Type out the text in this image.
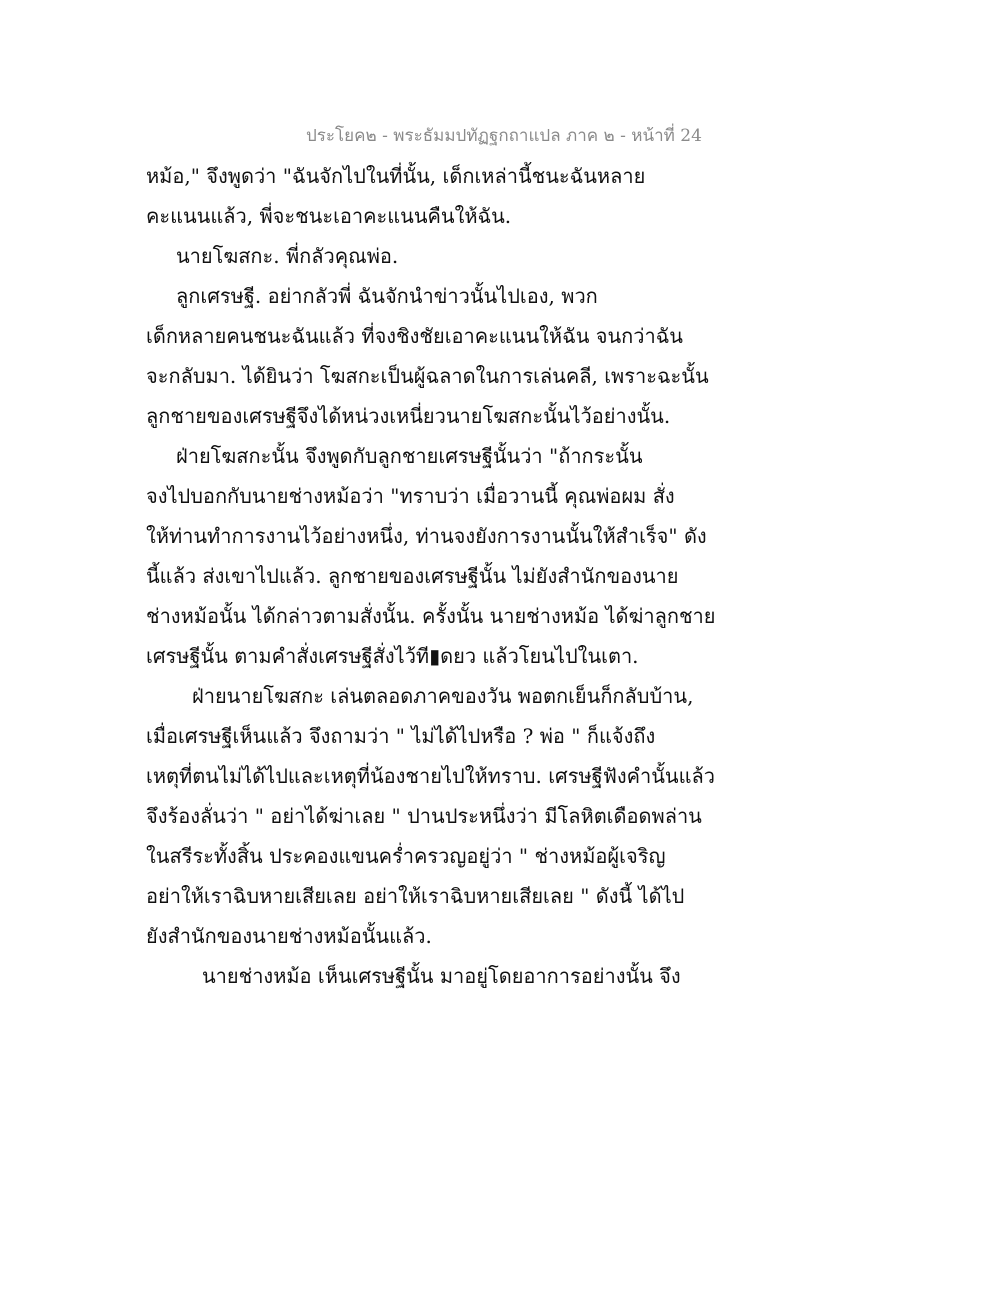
ประโยค๒ - พระธัมมปทัฏฐกถาแปล ภาค ๒ - หน้าที่ 24
หม้อ," จึงพูดว่า "ฉันจักไปในที่นั้น, เด็กเหล่านี้ชนะฉันหลาย
คะแนนแล้ว, พี่จะชนะเอาคะแนนคืนให้ฉัน.
นายโฆสกะ. พี่กลัวคุณพ่อ.
ลูกเศรษฐี. อย่ากลัวพี่ ฉันจักนำข่าวนั้นไปเอง, พวก
เด็กหลายคนชนะฉันแล้ว ที่จงชิงชัยเอาคะแนนให้ฉัน จนกว่าฉัน
จะกลับมา. ได้ยินว่า โฆสกะเป็นผู้ฉลาดในการเล่นคลี, เพราะฉะนั้น
ลูกชายของเศรษฐีจึงได้หน่วงเหนี่ยวนายโฆสกะนั้นไว้อย่างนั้น.
ฝ่ายโฆสกะนั้น จึงพูดกับลูกชายเศรษฐีนั้นว่า "ถ้ากระนั้น
จงไปบอกกับนายช่างหม้อว่า "ทราบว่า เมื่อวานนี้ คุณพ่อผม สั่ง
ให้ท่านทำการงานไว้อย่างหนึ่ง, ท่านจงยังการงานนั้นให้สำเร็จ" ดัง
นี้แล้ว ส่งเขาไปแล้ว. ลูกชายของเศรษฐีนั้น ไม่ยังสำนักของนาย
ช่างหม้อนั้น ได้กล่าวตามสั่งนั้น. ครั้งนั้น นายช่างหม้อ ได้ฆ่าลูกชาย
เศรษฐีนั้น ตามคำสั่งเศรษฐีสั่งไว้ที▮ดยว แล้วโยนไปในเตา.
ฝ่ายนายโฆสกะ เล่นตลอดภาคของวัน พอตกเย็นก็กลับบ้าน,
เมื่อเศรษฐีเห็นแล้ว จึงถามว่า " ไม่ได้ไปหรือ ? พ่อ " ก็แจ้งถึง
เหตุที่ตนไม่ได้ไปและเหตุที่น้องชายไปให้ทราบ. เศรษฐีฟังคำนั้นแล้ว
จึงร้องลั่นว่า " อย่าได้ฆ่าเลย " ปานประหนึ่งว่า มีโลหิตเดือดพล่าน
ในสรีระทั้งสิ้น ประคองแขนคร่ำครวญอยู่ว่า " ช่างหม้อผู้เจริญ
อย่าให้เราฉิบหายเสียเลย อย่าให้เราฉิบหายเสียเลย " ดังนี้ ได้ไป
ยังสำนักของนายช่างหม้อนั้นแล้ว.
นายช่างหม้อ เห็นเศรษฐีนั้น มาอยู่โดยอาการอย่างนั้น จึง
